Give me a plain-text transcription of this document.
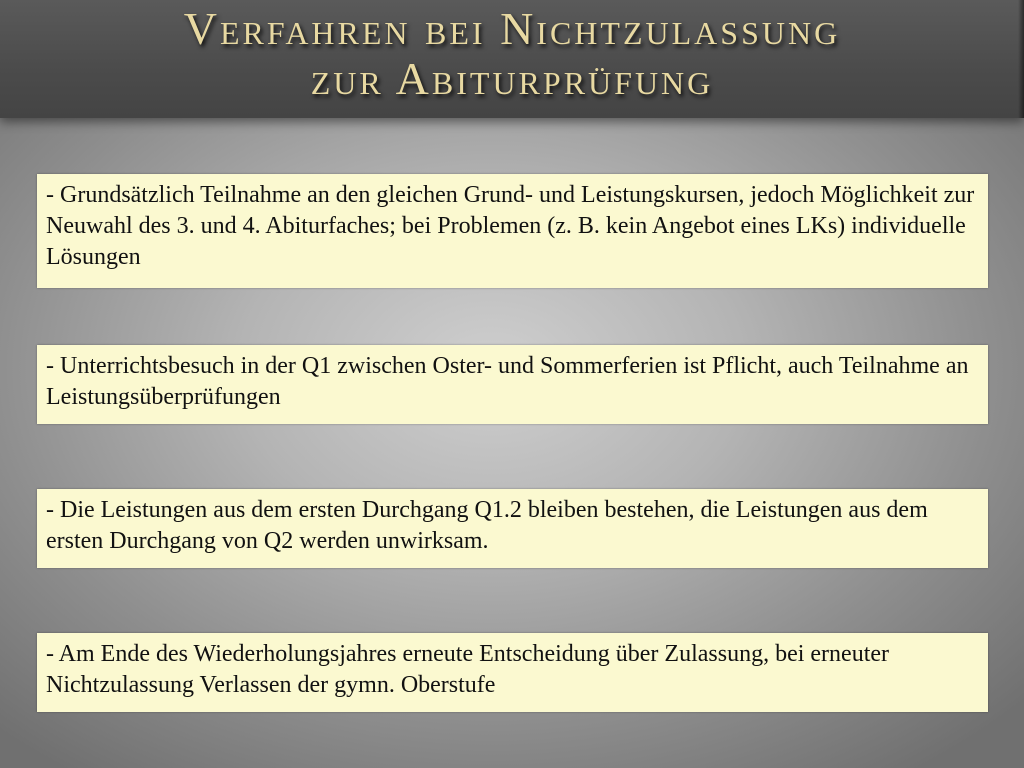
Verfahren bei Nichtzulassung
zur Abiturprüfung
- Grundsätzlich Teilnahme an den gleichen Grund- und Leistungskursen, jedoch Möglichkeit zur Neuwahl des 3. und 4. Abiturfaches; bei Problemen (z. B. kein Angebot eines LKs) individuelle Lösungen
- Unterrichtsbesuch in der Q1 zwischen Oster- und Sommerferien ist Pflicht, auch Teilnahme an Leistungsüberprüfungen
- Die Leistungen aus dem ersten Durchgang Q1.2 bleiben bestehen, die Leistungen aus dem ersten Durchgang von Q2 werden unwirksam.
- Am Ende des Wiederholungsjahres erneute Entscheidung über Zulassung, bei erneuter Nichtzulassung Verlassen der gymn. Oberstufe
